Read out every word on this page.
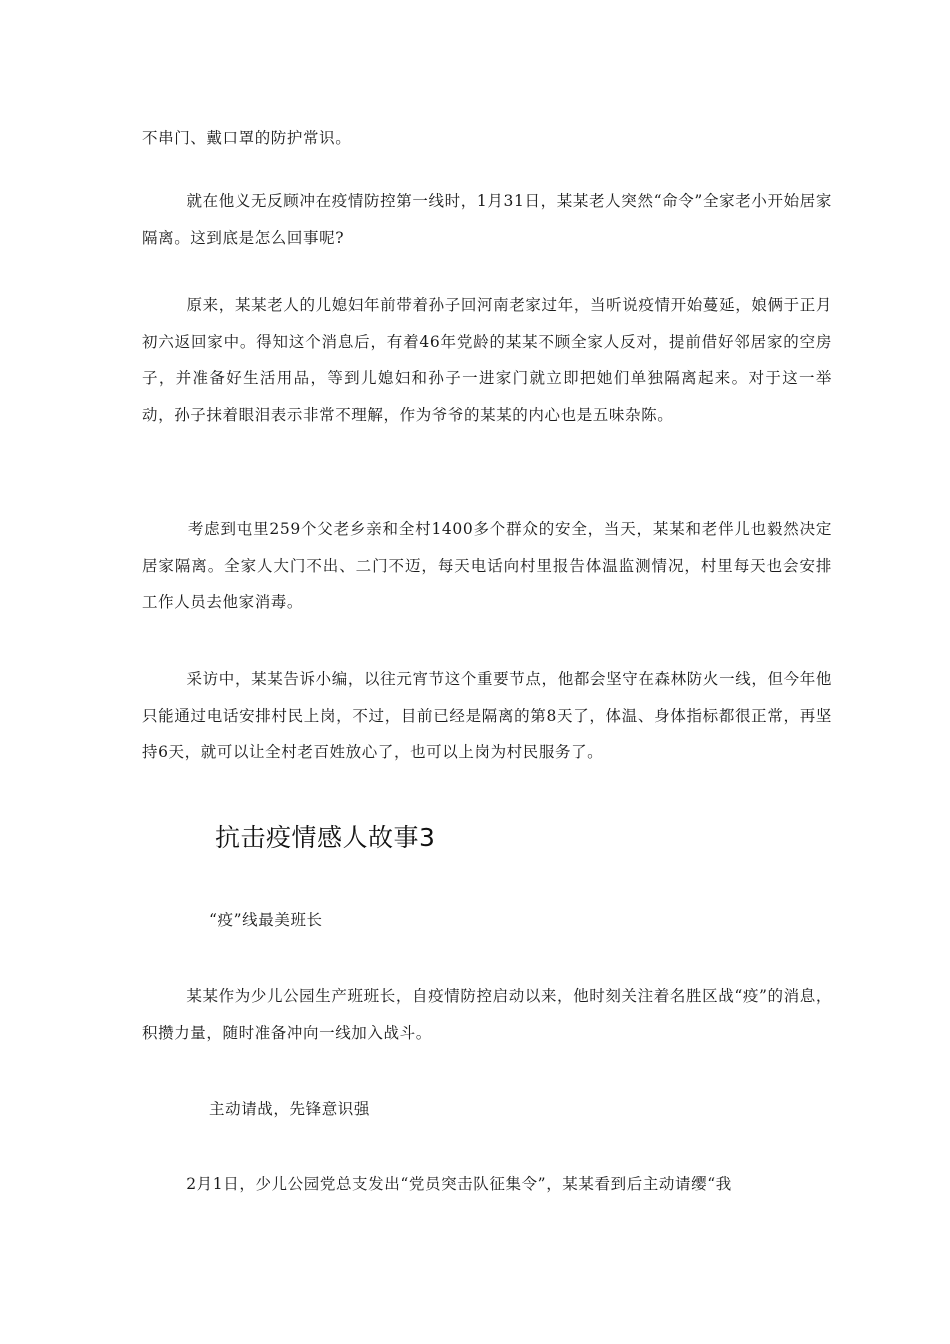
不串门、戴口罩的防护常识。

就在他义无反顾冲在疫情防控第一线时，1月31日，某某老人突然“命令”全家老小开始居家隔离。这到底是怎么回事呢?

原来，某某老人的儿媳妇年前带着孙子回河南老家过年，当听说疫情开始蔓延，娘俩于正月初六返回家中。得知这个消息后，有着46年党龄的某某不顾全家人反对，提前借好邻居家的空房子，并准备好生活用品，等到儿媳妇和孙子一进家门就立即把她们单独隔离起来。对于这一举动，孙子抹着眼泪表示非常不理解，作为爷爷的某某的内心也是五味杂陈。

考虑到屯里259个父老乡亲和全村1400多个群众的安全，当天，某某和老伴儿也毅然决定居家隔离。全家人大门不出、二门不迈，每天电话向村里报告体温监测情况，村里每天也会安排工作人员去他家消毒。

采访中，某某告诉小编，以往元宵节这个重要节点，他都会坚守在森林防火一线，但今年他只能通过电话安排村民上岗，不过，目前已经是隔离的第8天了，体温、身体指标都很正常，再坚持6天，就可以让全村老百姓放心了，也可以上岗为村民服务了。

抗击疫情感人故事3

“疫”线最美班长

某某作为少儿公园生产班班长，自疫情防控启动以来，他时刻关注着名胜区战“疫”的消息，积攒力量，随时准备冲向一线加入战斗。

主动请战，先锋意识强

2月1日，少儿公园党总支发出“党员突击队征集令”，某某看到后主动请缨“我
